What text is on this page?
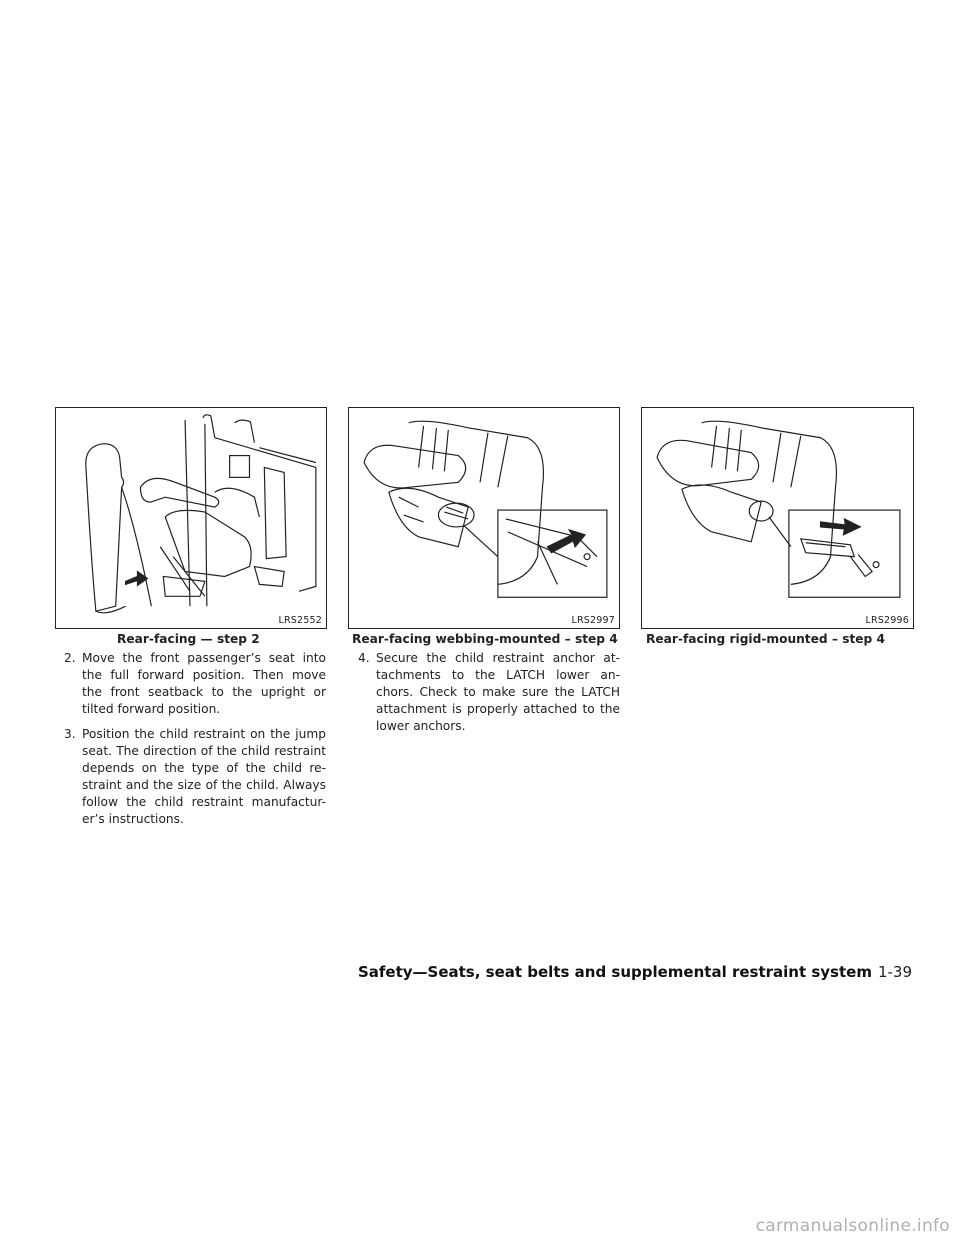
LRS2552	LRS2997	LRS2996
Rear-facing — step 2	Rear-facing webbing-mounted – step 4 Rear-facing rigid-mounted – step 4
2. Move the front passenger’s seat into the full forward position. Then move the front seatback to the upright or tilted forward position.
3. Position the child restraint on the jump seat. The direction of the child restraint depends on the type of the child re-straint and the size of the child. Always follow the child restraint manufactur-er’s instructions.
4. Secure the child restraint anchor at-tachments to the LATCH lower an-chors. Check to make sure the LATCH attachment is properly attached to the lower anchors.
Safety—Seats, seat belts and supplemental restraint system 1-39
carmanualsonline.info
